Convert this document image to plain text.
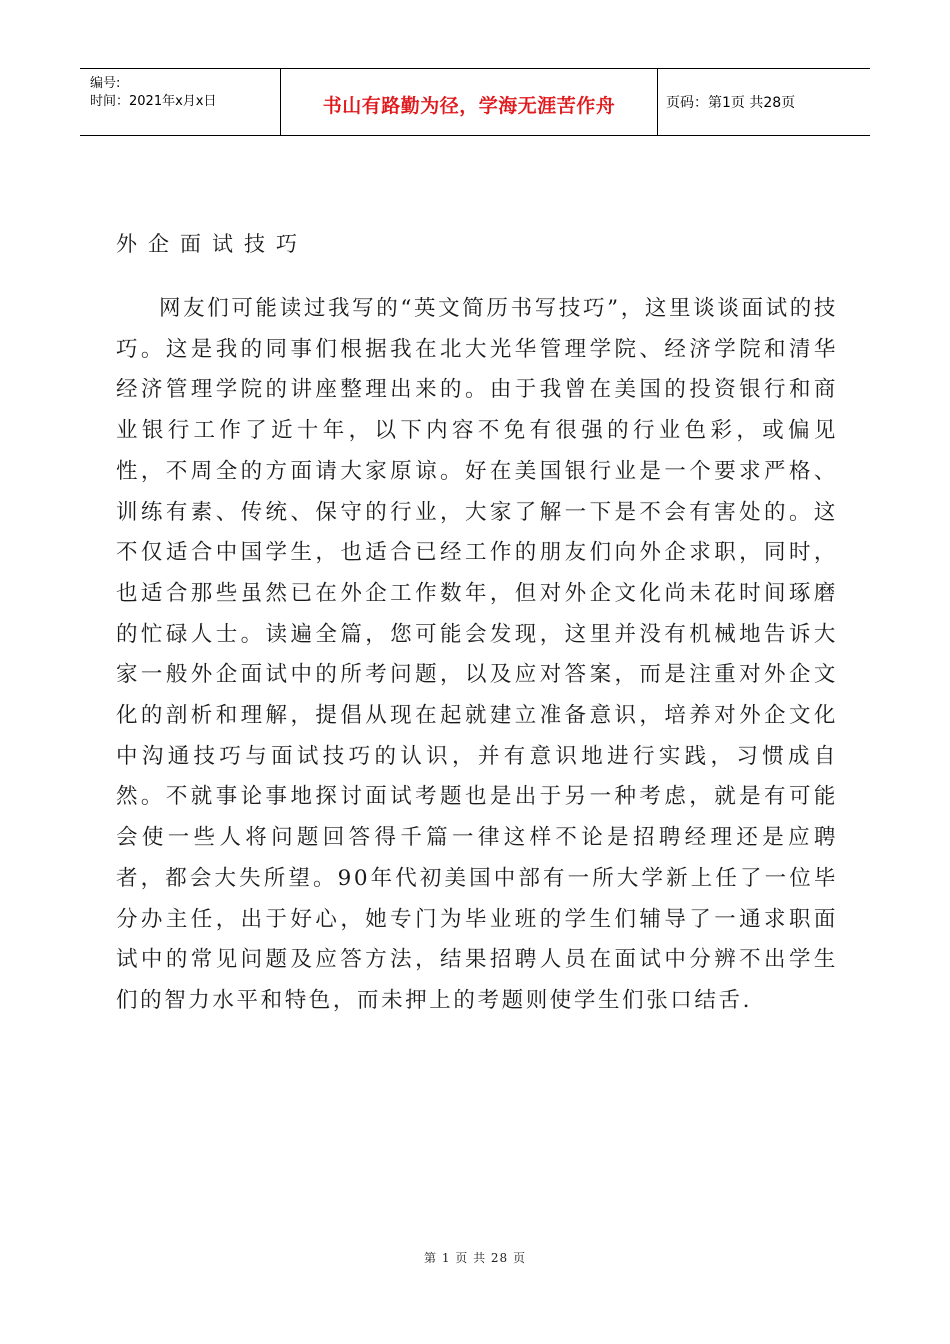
编号:
时间：2021年x月x日	书山有路勤为径，学海无涯苦作舟	页码：第1页 共28页
外企面试技巧

网友们可能读过我写的“英文简历书写技巧”，这里谈谈面试的技巧。这是我的同事们根据我在北大光华管理学院、经济学院和清华经济管理学院的讲座整理出来的。由于我曾在美国的投资银行和商业银行工作了近十年，以下内容不免有很强的行业色彩，或偏见性，不周全的方面请大家原谅。好在美国银行业是一个要求严格、训练有素、传统、保守的行业，大家了解一下是不会有害处的。这不仅适合中国学生，也适合已经工作的朋友们向外企求职，同时，也适合那些虽然已在外企工作数年，但对外企文化尚未花时间琢磨的忙碌人士。读遍全篇，您可能会发现，这里并没有机械地告诉大家一般外企面试中的所考问题，以及应对答案，而是注重对外企文化的剖析和理解，提倡从现在起就建立准备意识，培养对外企文化中沟通技巧与面试技巧的认识，并有意识地进行实践，习惯成自然。不就事论事地探讨面试考题也是出于另一种考虑，就是有可能会使一些人将问题回答得千篇一律这样不论是招聘经理还是应聘者，都会大失所望。90年代初美国中部有一所大学新上任了一位毕分办主任，出于好心，她专门为毕业班的学生们辅导了一通求职面试中的常见问题及应答方法，结果招聘人员在面试中分辨不出学生们的智力水平和特色，而未押上的考题则使学生们张口结舌.

第 1 页 共 28 页
